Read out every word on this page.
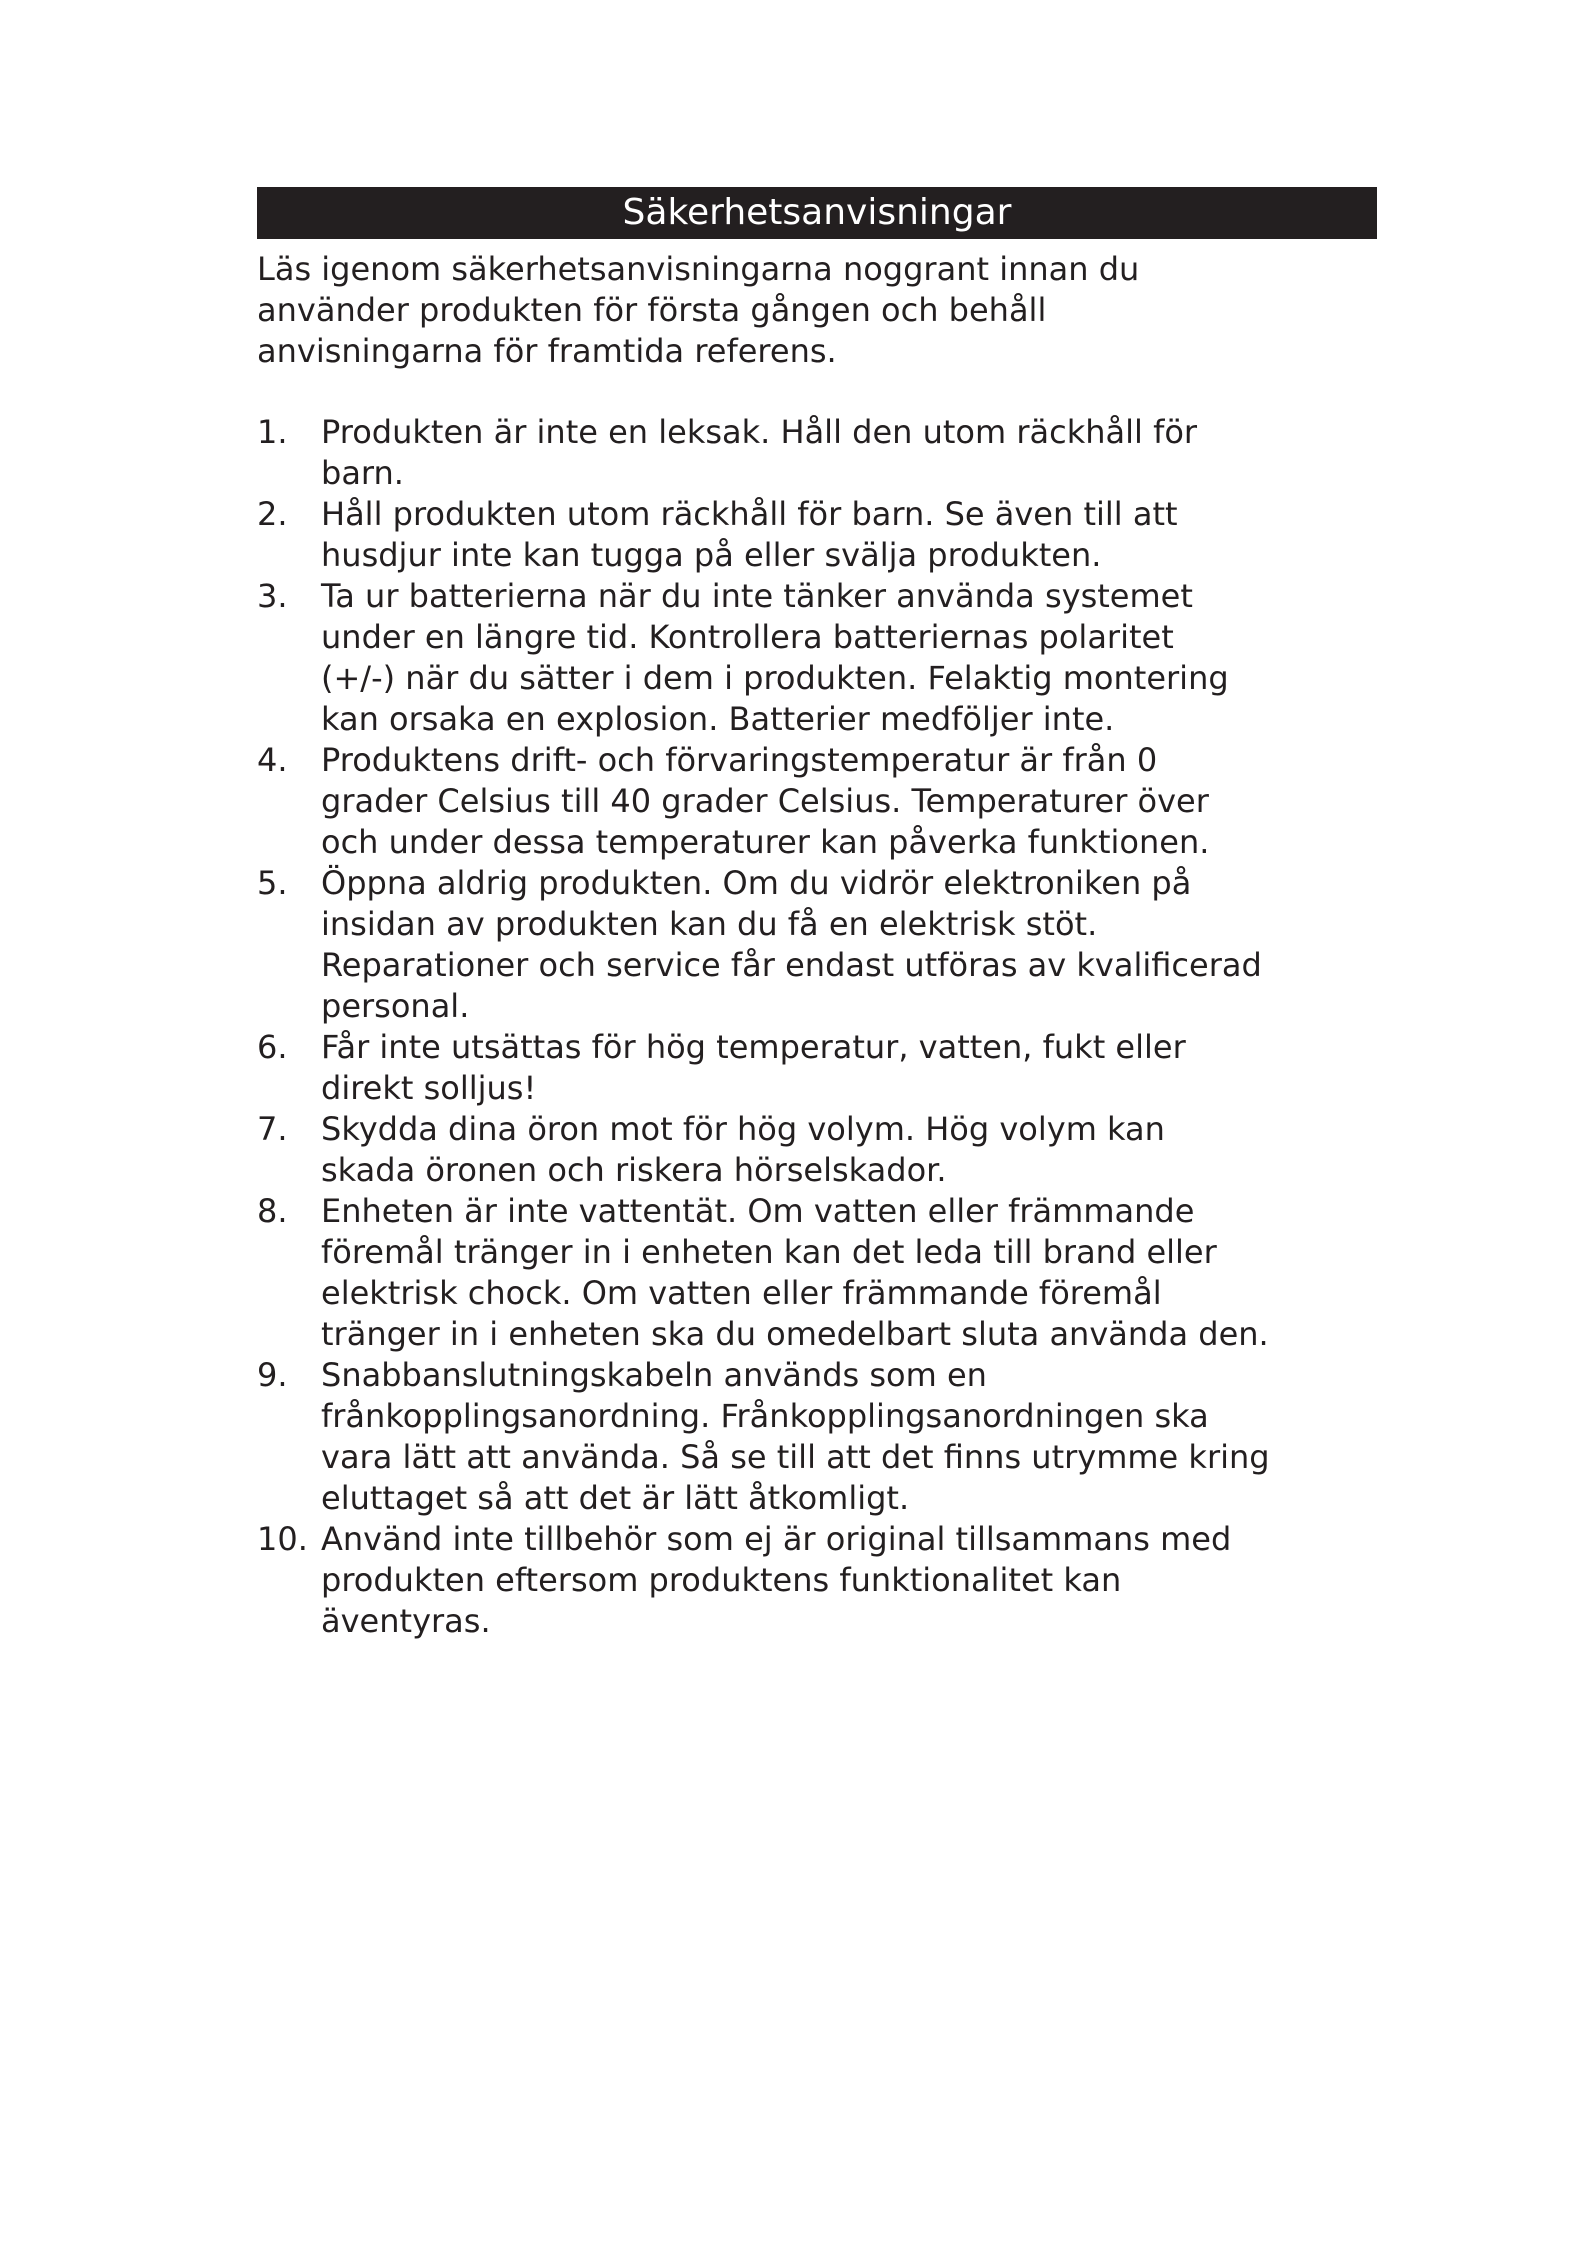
Säkerhetsanvisningar

Läs igenom säkerhetsanvisningarna noggrant innan du
använder produkten för första gången och behåll
anvisningarna för framtida referens.

1.	Produkten är inte en leksak. Håll den utom räckhåll för
barn.
2.	Håll produkten utom räckhåll för barn. Se även till att
husdjur inte kan tugga på eller svälja produkten.
3.	Ta ur batterierna när du inte tänker använda systemet
under en längre tid. Kontrollera batteriernas polaritet
(+/-) när du sätter i dem i produkten. Felaktig montering
kan orsaka en explosion. Batterier medföljer inte.
4.	Produktens drift- och förvaringstemperatur är från 0
grader Celsius till 40 grader Celsius. Temperaturer över
och under dessa temperaturer kan påverka funktionen.
5.	Öppna aldrig produkten. Om du vidrör elektroniken på
insidan av produkten kan du få en elektrisk stöt.
Reparationer och service får endast utföras av kvalificerad
personal.
6.	Får inte utsättas för hög temperatur, vatten, fukt eller
direkt solljus!
7.	Skydda dina öron mot för hög volym. Hög volym kan
skada öronen och riskera hörselskador.
8.	Enheten är inte vattentät. Om vatten eller främmande
föremål tränger in i enheten kan det leda till brand eller
elektrisk chock. Om vatten eller främmande föremål
tränger in i enheten ska du omedelbart sluta använda den.
9.	Snabbanslutningskabeln används som en
frånkopplingsanordning. Frånkopplingsanordningen ska
vara lätt att använda. Så se till att det finns utrymme kring
eluttaget så att det är lätt åtkomligt.
10. Använd inte tillbehör som ej är original tillsammans med
produkten eftersom produktens funktionalitet kan
äventyras.
